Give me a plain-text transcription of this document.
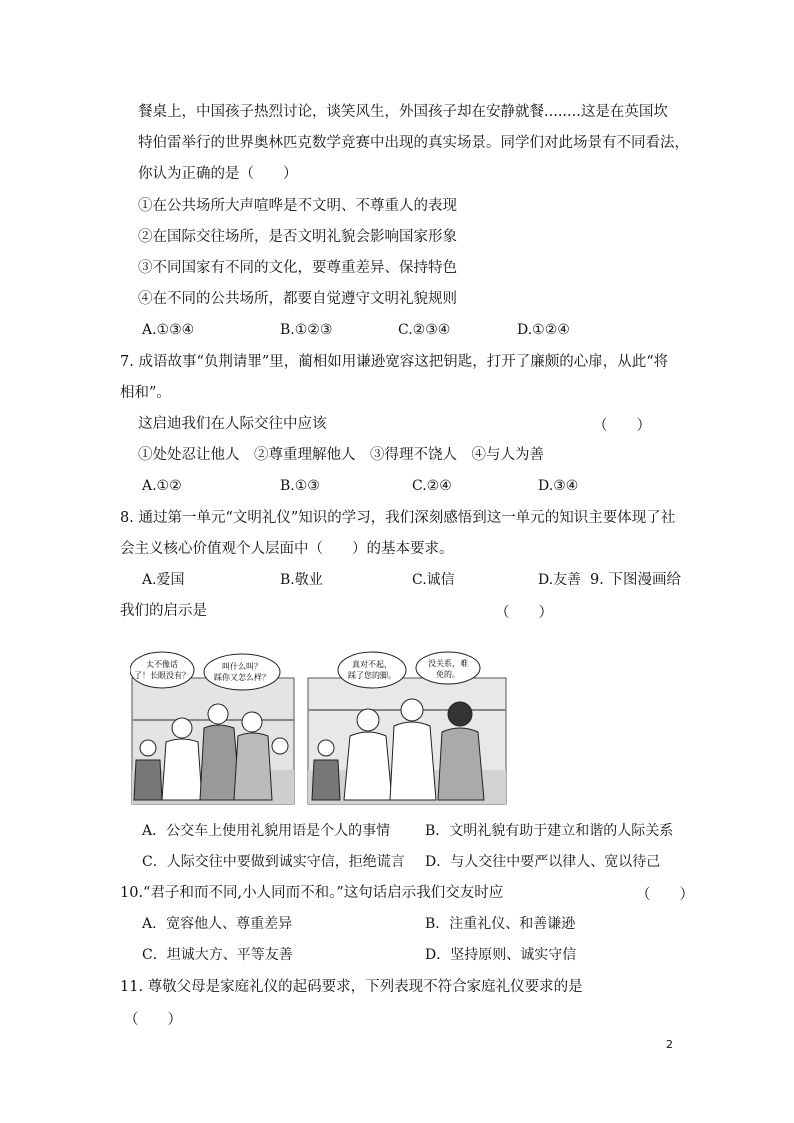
餐桌上，中国孩子热烈讨论，谈笑风生，外国孩子却在安静就餐........这是在英国坎
特伯雷举行的世界奥林匹克数学竞赛中出现的真实场景。同学们对此场景有不同看法，
你认为正确的是（　　）
①在公共场所大声喧哗是不文明、不尊重人的表现
②在国际交往场所，是否文明礼貌会影响国家形象
③不同国家有不同的文化，要尊重差异、保持特色
④在不同的公共场所，都要自觉遵守文明礼貌规则
A.①③④	B.①②③	C.②③④	D.①②④
7. 成语故事“负荆请罪”里，蔺相如用谦逊宽容这把钥匙，打开了廉颇的心扉，从此“将
相和”。
这启迪我们在人际交往中应该	（　　）
①处处忍让他人　②尊重理解他人　③得理不饶人　④与人为善
A.①②	B.①③	C.②④	D.③④
8. 通过第一单元“文明礼仪”知识的学习，我们深刻感悟到这一单元的知识主要体现了社
会主义核心价值观个人层面中（　　）的基本要求。
A.爱国	B.敬业	C.诚信	D.友善 9. 下图漫画给
我们的启示是	（　　）
太不像话
了！长眼没有？
叫什么叫？
踩你又怎么样？
真对不起，
踩了您的脚。
没关系，难
免的。
A．公交车上使用礼貌用语是个人的事情 B．文明礼貌有助于建立和谐的人际关系
C．人际交往中要做到诚实守信，拒绝谎言 D．与人交往中要严以律人、宽以待己
10.“君子和而不同,小人同而不和。”这句话启示我们交友时应	（　　）
A．宽容他人、尊重差异	B．注重礼仪、和善谦逊
C．坦诚大方、平等友善	D．坚持原则、诚实守信
11. 尊敬父母是家庭礼仪的起码要求，下列表现不符合家庭礼仪要求的是
（　　）
2
